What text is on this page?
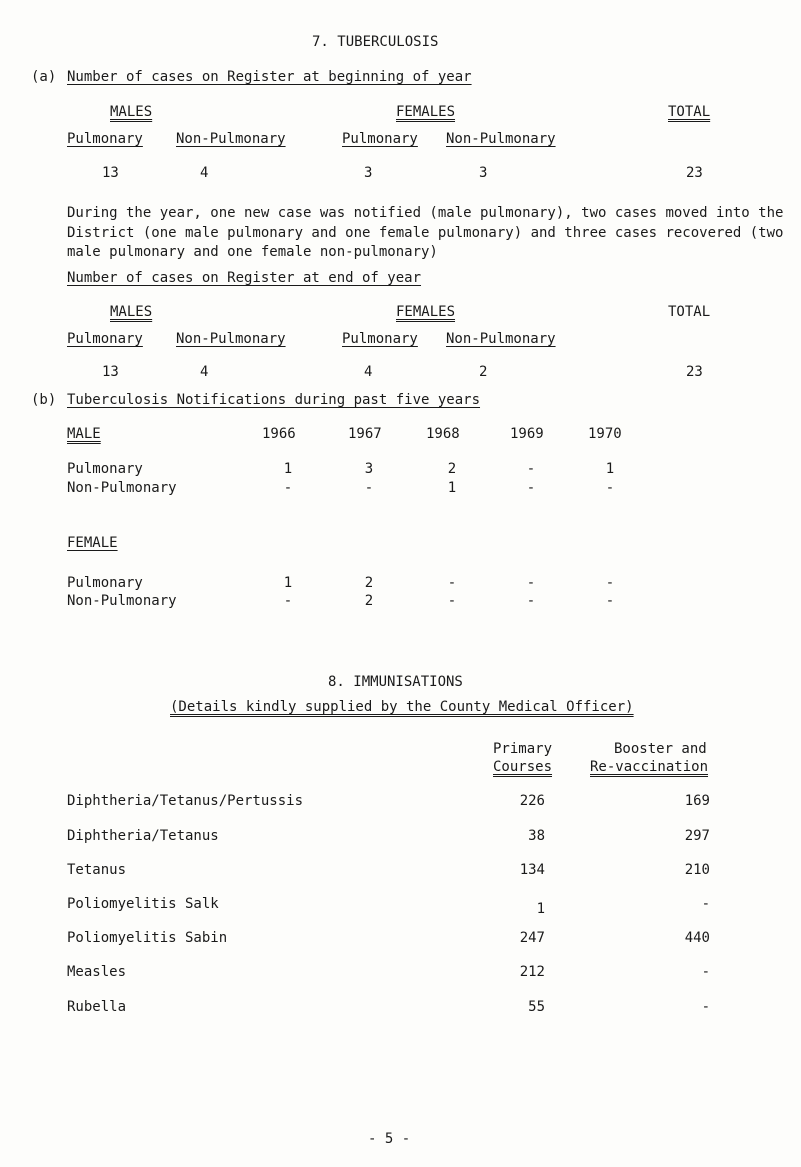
7. TUBERCULOSIS
(a) Number of cases on Register at beginning of year
MALES	FEMALES	TOTAL
Pulmonary Non-Pulmonary	Pulmonary Non-Pulmonary
13	4	3	3	23
During the year, one new case was notified (male pulmonary), two cases moved into the District (one male pulmonary and one female pulmonary) and three cases recovered (two male pulmonary and one female non-pulmonary)
Number of cases on Register at end of year
MALES	FEMALES	TOTAL
Pulmonary Non-Pulmonary	Pulmonary Non-Pulmonary
13	4	4	2	23
(b) Tuberculosis Notifications during past five years
MALE	1966	1967	1968	1969	1970
Pulmonary	1	3	2	-	1
Non-Pulmonary	-	-	1	-	-
FEMALE
Pulmonary	1	2	-	-	-
Non-Pulmonary	-	2	-	-	-
8. IMMUNISATIONS
(Details kindly supplied by the County Medical Officer)
Primary
Courses
Booster and
Re-vaccination
Diphtheria/Tetanus/Pertussis	226	169
Diphtheria/Tetanus	38	297
Tetanus	134	210
Poliomyelitis Salk	1	-
Poliomyelitis Sabin	247	440
Measles	212	-
Rubella	55	-
- 5 -
